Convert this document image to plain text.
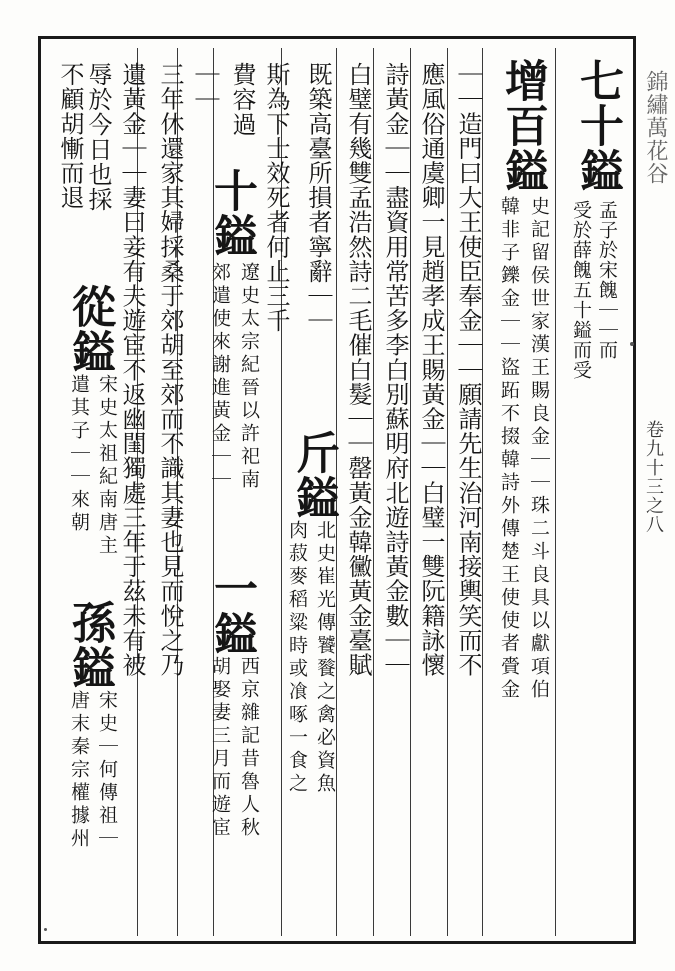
錦繡萬花谷
卷九十三之八
七十鎰
孟子於宋餽｜｜而
受於薛餽五十鎰而受
增百鎰
史記留侯世家漢王賜良金｜｜珠二斗良具以獻項伯
韓非子鑠金｜｜盜跖不掇韓詩外傳楚王使使者賫金
｜｜造門曰大王使臣奉金｜｜願請先生治河南接輿笑而不
應風俗通虞卿一見趙孝成王賜黃金｜｜白璧一雙阮籍詠懷
詩黃金｜｜盡資用常苦多李白別蘇明府北遊詩黃金數｜｜
白璧有幾雙孟浩然詩二毛催白髮｜｜罄黃金韓黴黃金臺賦
既築高臺所損者寧辭｜｜
斤鎰
北史崔光傳饕餮之禽必資魚
肉菽麥稻粱時或飡啄一食之
斯為下士效死者何止三千
費容過
十鎰
遼史太宗紀晉以許祀南
郊遣使來謝進黃金｜｜
一鎰
西京雜記昔魯人秋
胡娶妻三月而遊宦
｜｜
三年休還家其婦採桑于郊胡至郊而不識其妻也見而悅之乃
遺黃金｜｜妻曰妾有夫遊宦不返幽閨獨處三年于茲未有被
辱於今日也採
從鎰
宋史太祖紀南唐主
遣其子｜｜來朝
孫鎰
宋史｜何傳祖｜
唐末秦宗權據州
不顧胡慚而退
